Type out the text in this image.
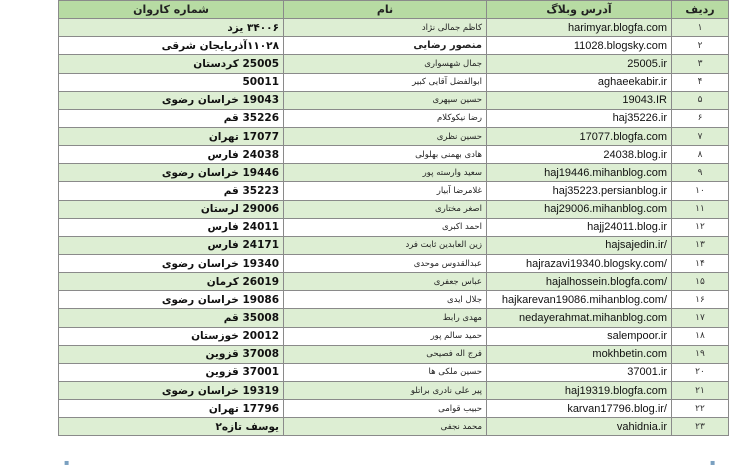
ردیف	آدرس وبلاگ	نام	شماره کاروان
۱	harimyar.blogfa.com	کاظم جمالی نژاد	۳۴۰۰۶ یزد
۲	11028.blogsky.com	منصور رضایی	۱۱۰۲۸آذربایجان شرقی
۳	25005.ir	جمال شهسواری	25005 کردستان
۴	aghaeekabir.ir	ابوالفضل آقایی کبیر	50011
۵	19043.IR	حسین سپهری	19043 خراسان رضوی
۶	haj35226.ir	رضا نیکوکلام	35226 قم
۷	17077.blogfa.com	حسین نظری	17077 تهران
۸	24038.blog.ir	هادی بهمنی بهلولی	24038 فارس
۹	haj19446.mihanblog.com	سعید وارسته پور	19446 خراسان رضوی
۱۰	haj35223.persianblog.ir	غلامرضا آبیار	35223 قم
۱۱	haj29006.mihanblog.com	اصغر مختاری	29006 لرستان
۱۲	hajj24011.blog.ir	احمد اکبری	24011 فارس
۱۳	hajsajedin.ir/	زین العابدین ثابت فرد	24171 فارس
۱۴	hajrazavi19340.blogsky.com/	عبدالقدوس موحدی	19340 خراسان رضوی
۱۵	hajalhossein.blogfa.com/	عباس جعفری	26019 کرمان
۱۶	hajkarevan19086.mihanblog.com/	جلال ایدی	19086 خراسان رضوی
۱۷	nedayerahmat.mihanblog.com	مهدی رابط	35008 قم
۱۸	salempoor.ir	حمید سالم پور	20012 خوزستان
۱۹	mokhbetin.com	فرج اله فصیحی	37008 قزوین
۲۰	37001.ir	حسین ملکی ها	37001 قزوین
۲۱	haj19319.blogfa.com	پیر علی نادری براتلو	19319 خراسان رضوی
۲۲	karvan17796.blog.ir/	حبیب قوامی	17796 تهران
۲۳	vahidnia.ir	محمد نجفی	یوسف تازه۲
▪	▪
